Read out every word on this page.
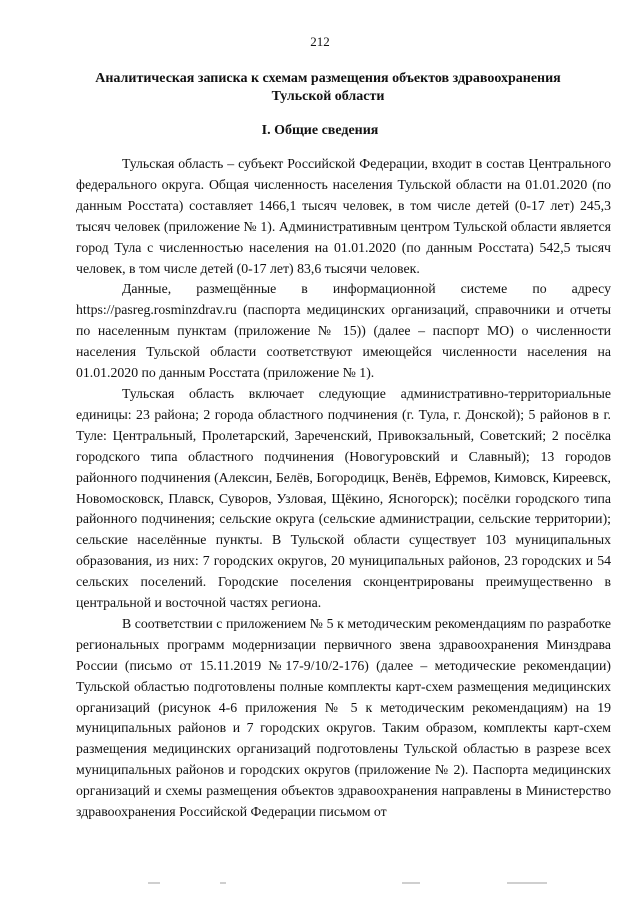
212
Аналитическая записка к схемам размещения объектов здравоохранения Тульской области
I. Общие сведения

Тульская область – субъект Российской Федерации, входит в состав Центрального федерального округа. Общая численность населения Тульской области на 01.01.2020 (по данным Росстата) составляет 1466,1 тысяч человек, в том числе детей (0-17 лет) 245,3 тысяч человек (приложение № 1). Административным центром Тульской области является город Тула с численностью населения на 01.01.2020 (по данным Росстата) 542,5 тысяч человек, в том числе детей (0-17 лет) 83,6 тысячи человек.

Данные, размещённые в информационной системе по адресу https://pasreg.rosminzdrav.ru (паспорта медицинских организаций, справочники и отчеты по населенным пунктам (приложение № 15)) (далее – паспорт МО) о численности населения Тульской области соответствуют имеющейся численности населения на 01.01.2020 по данным Росстата (приложение № 1).

Тульская область включает следующие административно-территориальные единицы: 23 района; 2 города областного подчинения (г. Тула, г. Донской); 5 районов в г. Туле: Центральный, Пролетарский, Зареченский, Привокзальный, Советский; 2 посёлка городского типа областного подчинения (Новогуровский и Славный); 13 городов районного подчинения (Алексин, Белёв, Богородицк, Венёв, Ефремов, Кимовск, Киреевск, Новомосковск, Плавск, Суворов, Узловая, Щёкино, Ясногорск); посёлки городского типа районного подчинения; сельские округа (сельские администрации, сельские территории); сельские населённые пункты. В Тульской области существует 103 муниципальных образования, из них: 7 городских округов, 20 муниципальных районов, 23 городских и 54 сельских поселений. Городские поселения сконцентрированы преимущественно в центральной и восточной частях региона.

В соответствии с приложением № 5 к методическим рекомендациям по разработке региональных программ модернизации первичного звена здравоохранения Минздрава России (письмо от 15.11.2019 №17-9/10/2-176) (далее – методические рекомендации) Тульской областью подготовлены полные комплекты карт-схем размещения медицинских организаций (рисунок 4-6 приложения № 5 к методическим рекомендациям) на 19 муниципальных районов и 7 городских округов. Таким образом, комплекты карт-схем размещения медицинских организаций подготовлены Тульской областью в разрезе всех муниципальных районов и городских округов (приложение № 2). Паспорта медицинских организаций и схемы размещения объектов здравоохранения направлены в Министерство здравоохранения Российской Федерации письмом от
